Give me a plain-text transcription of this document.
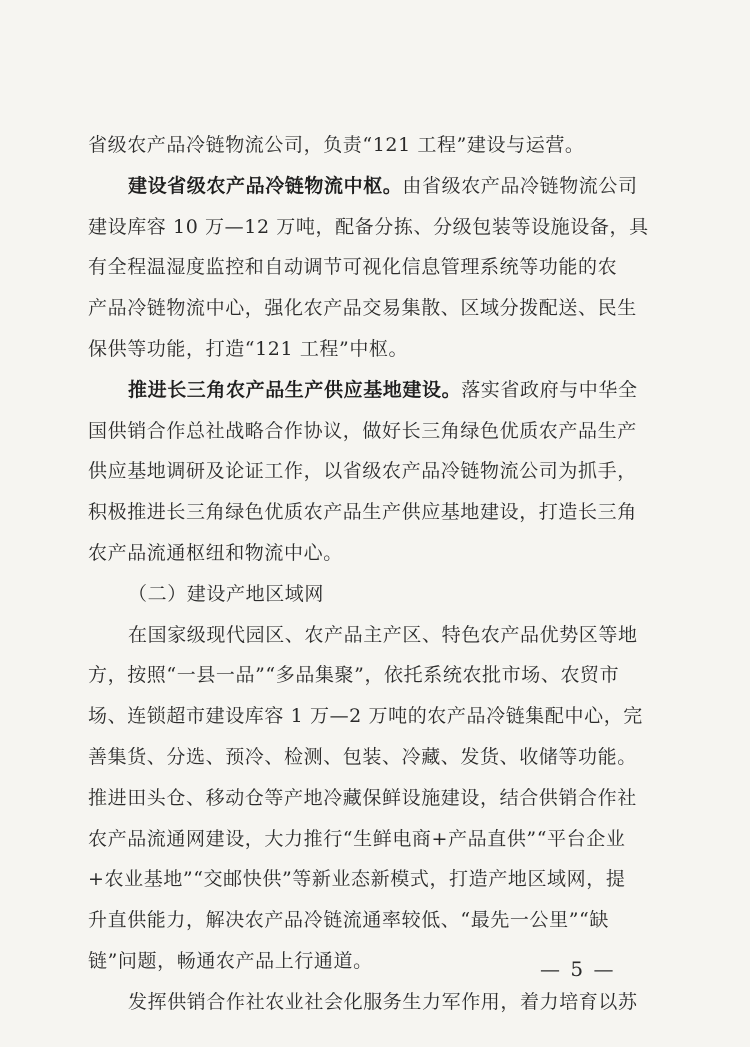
省级农产品冷链物流公司，负责“121 工程”建设与运营。
建设省级农产品冷链物流中枢。由省级农产品冷链物流公司
建设库容 10 万—12 万吨，配备分拣、分级包装等设施设备，具
有全程温湿度监控和自动调节可视化信息管理系统等功能的农
产品冷链物流中心，强化农产品交易集散、区域分拨配送、民生
保供等功能，打造“121 工程”中枢。
推进长三角农产品生产供应基地建设。落实省政府与中华全
国供销合作总社战略合作协议，做好长三角绿色优质农产品生产
供应基地调研及论证工作，以省级农产品冷链物流公司为抓手，
积极推进长三角绿色优质农产品生产供应基地建设，打造长三角
农产品流通枢纽和物流中心。
（二）建设产地区域网
在国家级现代园区、农产品主产区、特色农产品优势区等地
方，按照“一县一品”“多品集聚”，依托系统农批市场、农贸市
场、连锁超市建设库容 1 万—2 万吨的农产品冷链集配中心，完
善集货、分选、预冷、检测、包装、冷藏、发货、收储等功能。
推进田头仓、移动仓等产地冷藏保鲜设施建设，结合供销合作社
农产品流通网建设，大力推行“生鲜电商+产品直供”“平台企业
+农业基地”“交邮快供”等新业态新模式，打造产地区域网，提
升直供能力，解决农产品冷链流通率较低、“最先一公里”“缺
链”问题，畅通农产品上行通道。
发挥供销合作社农业社会化服务生力军作用，着力培育以苏
— 5 —
